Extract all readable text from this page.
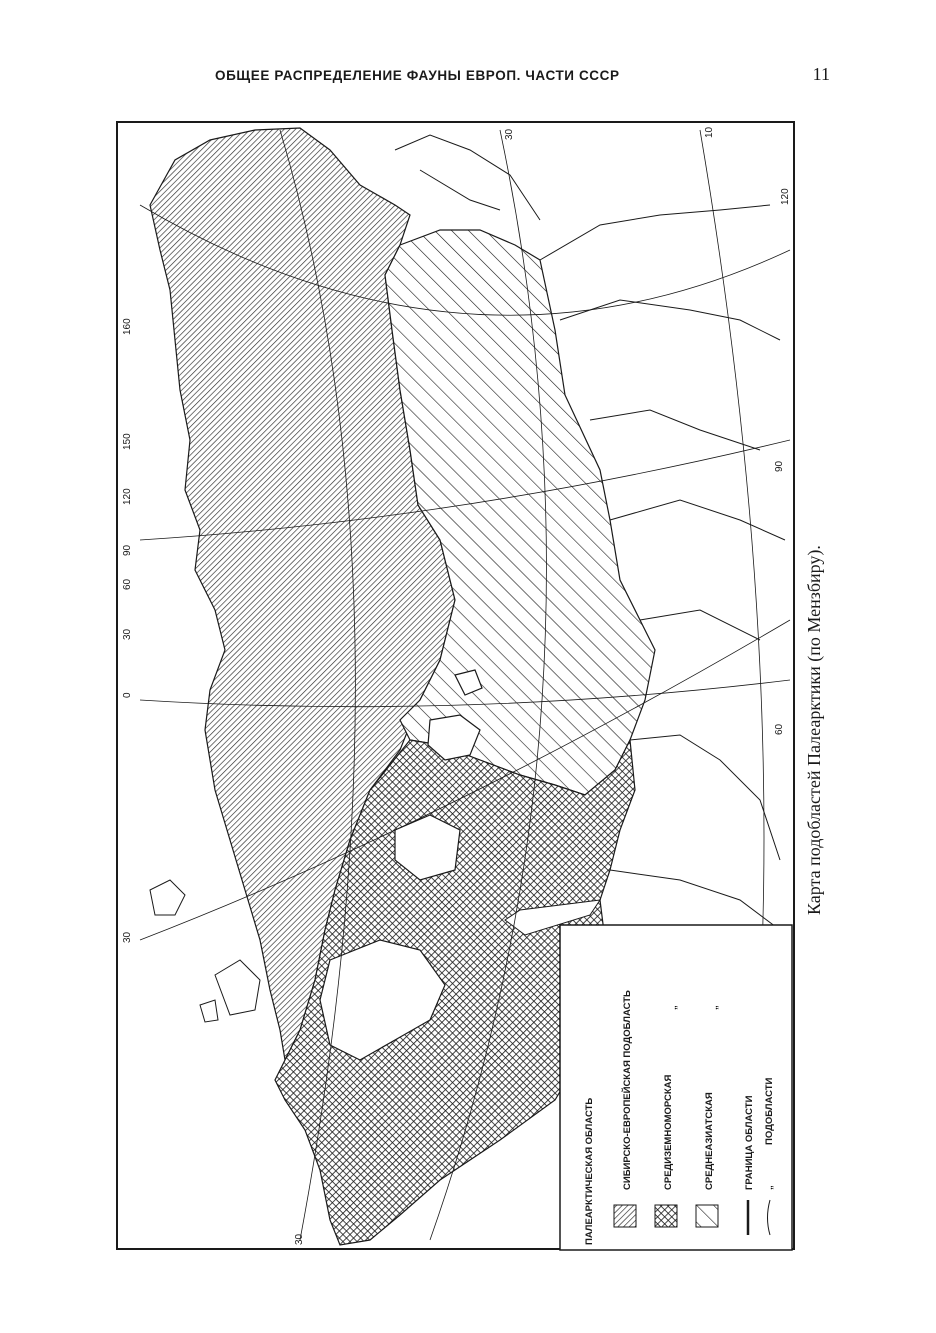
ОБЩЕЕ РАСПРЕДЕЛЕНИЕ ФАУНЫ ЕВРОП. ЧАСТИ СССР	11
30	10
120
160
150
120
90
60
30
0
30
30
90
60
ПАЛЕАРКТИЧЕСКАЯ ОБЛАСТЬ	СИБИРСКО-ЕВРОПЕЙСКАЯ ПОДОБЛАСТЬ	СРЕДИЗЕМНОМОРСКАЯ
„
СРЕДНЕАЗИАТСКАЯ
„
ГРАНИЦА ОБЛАСТИ „
ПОДОБЛАСТИ
Карта подобластей Палеарктики (по Мензбиру).
